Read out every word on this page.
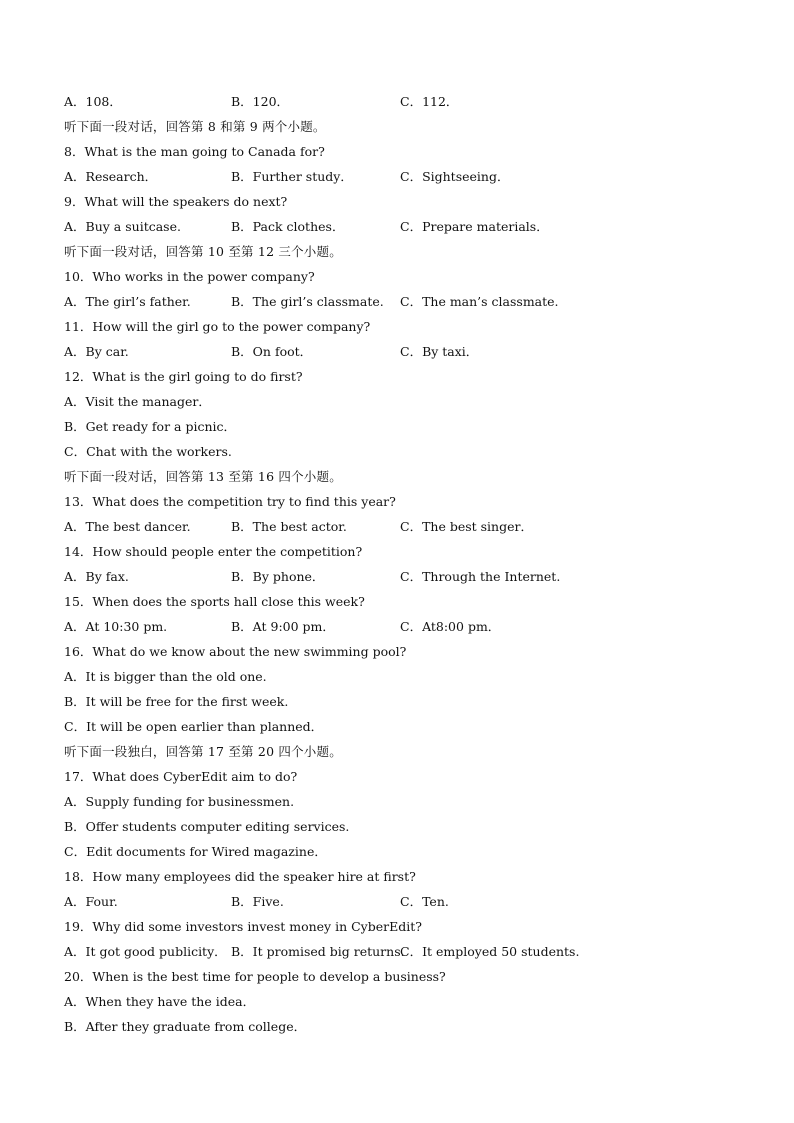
A．108．	B．120．	C．112．
听下面一段对话，回答第 8 和第 9 两个小题。
8．What is the man going to Canada for?
A．Research．	B．Further study．	C．Sightseeing．
9．What will the speakers do next?
A．Buy a suitcase.	B．Pack clothes．	C．Prepare materials．
听下面一段对话，回答第 10 至第 12 三个小题。
10．Who works in the power company?
A．The girl’s father.	B．The girl’s classmate. C．The man’s classmate.
11．How will the girl go to the power company?
A．By car.	B．On foot．	C．By taxi．
12．What is the girl going to do first?
A．Visit the manager．
B．Get ready for a picnic．
C．Chat with the workers.
听下面一段对话，回答第 13 至第 16 四个小题。
13．What does the competition try to find this year?
A．The best dancer.	B．The best actor.	C．The best singer．
14．How should people enter the competition?
A．By fax.	B．By phone．	C．Through the Internet.
15．When does the sports hall close this week?
A．At 10:30 pm.	B．At 9:00 pm．	C．At8:00 pm．
16．What do we know about the new swimming pool?
A．It is bigger than the old one.
B．It will be free for the first week.
C．It will be open earlier than planned．
听下面一段独白，回答第 17 至第 20 四个小题。
17．What does CyberEdit aim to do?
A．Supply funding for businessmen.
B．Offer students computer editing services.
C．Edit documents for Wired magazine．
18．How many employees did the speaker hire at first?
A．Four.	B．Five.	C．Ten.
19．Why did some investors invest money in CyberEdit?
A．It got good publicity． B．It promised big returns.
C．It employed 50 students.
20．When is the best time for people to develop a business?
A．When they have the idea．
B．After they graduate from college．
